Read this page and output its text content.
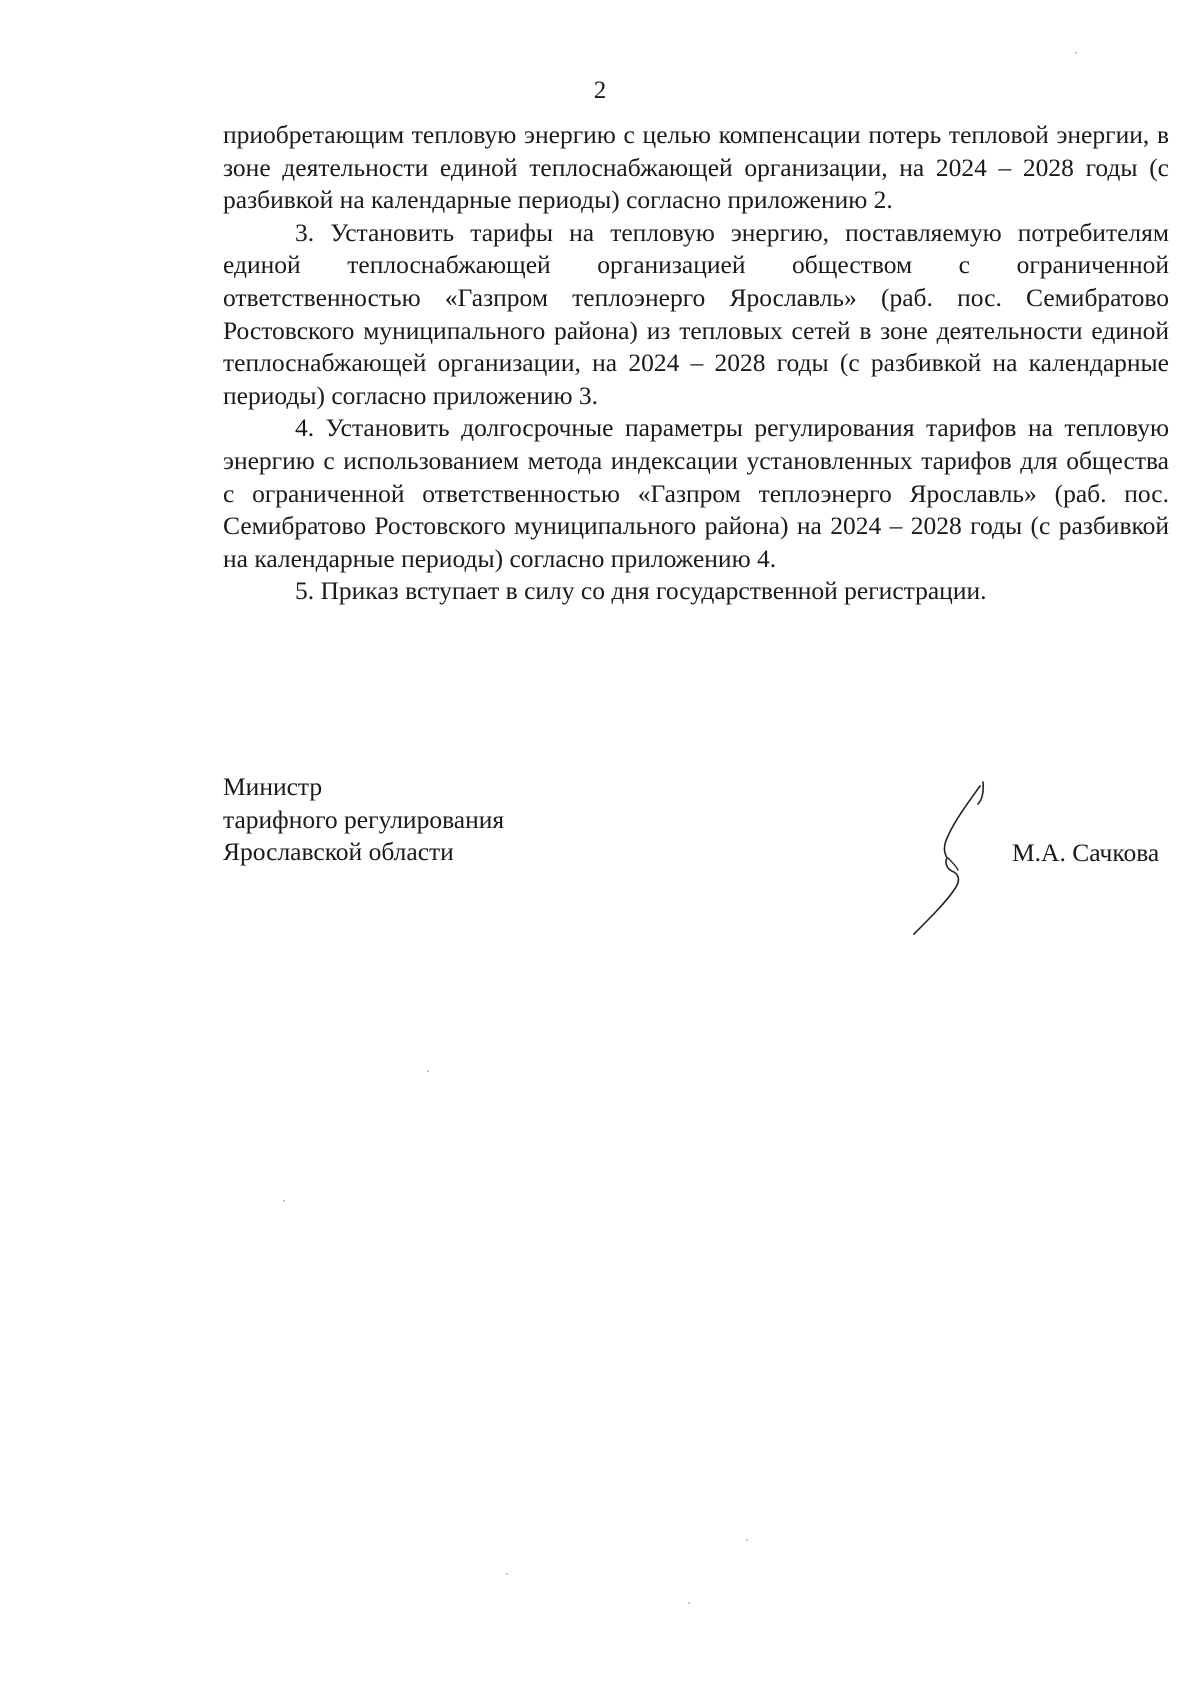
2

приобретающим тепловую энергию с целью компенсации потерь тепловой энергии, в зоне деятельности единой теплоснабжающей организации, на 2024 – 2028 годы (с разбивкой на календарные периоды) согласно приложению 2.

3. Установить тарифы на тепловую энергию, поставляемую потребителям единой теплоснабжающей организацией обществом с ограниченной ответственностью «Газпром теплоэнерго Ярославль» (раб. пос. Семибратово Ростовского муниципального района) из тепловых сетей в зоне деятельности единой теплоснабжающей организации, на 2024 – 2028 годы (с разбивкой на календарные периоды) согласно приложению 3.

4. Установить долгосрочные параметры регулирования тарифов на тепловую энергию с использованием метода индексации установленных тарифов для общества с ограниченной ответственностью «Газпром теплоэнерго Ярославль» (раб. пос. Семибратово Ростовского муниципального района) на 2024 – 2028 годы (с разбивкой на календарные периоды) согласно приложению 4.

5. Приказ вступает в силу со дня государственной регистрации.

Министр
тарифного регулирования
Ярославской области	М.А. Сачкова
